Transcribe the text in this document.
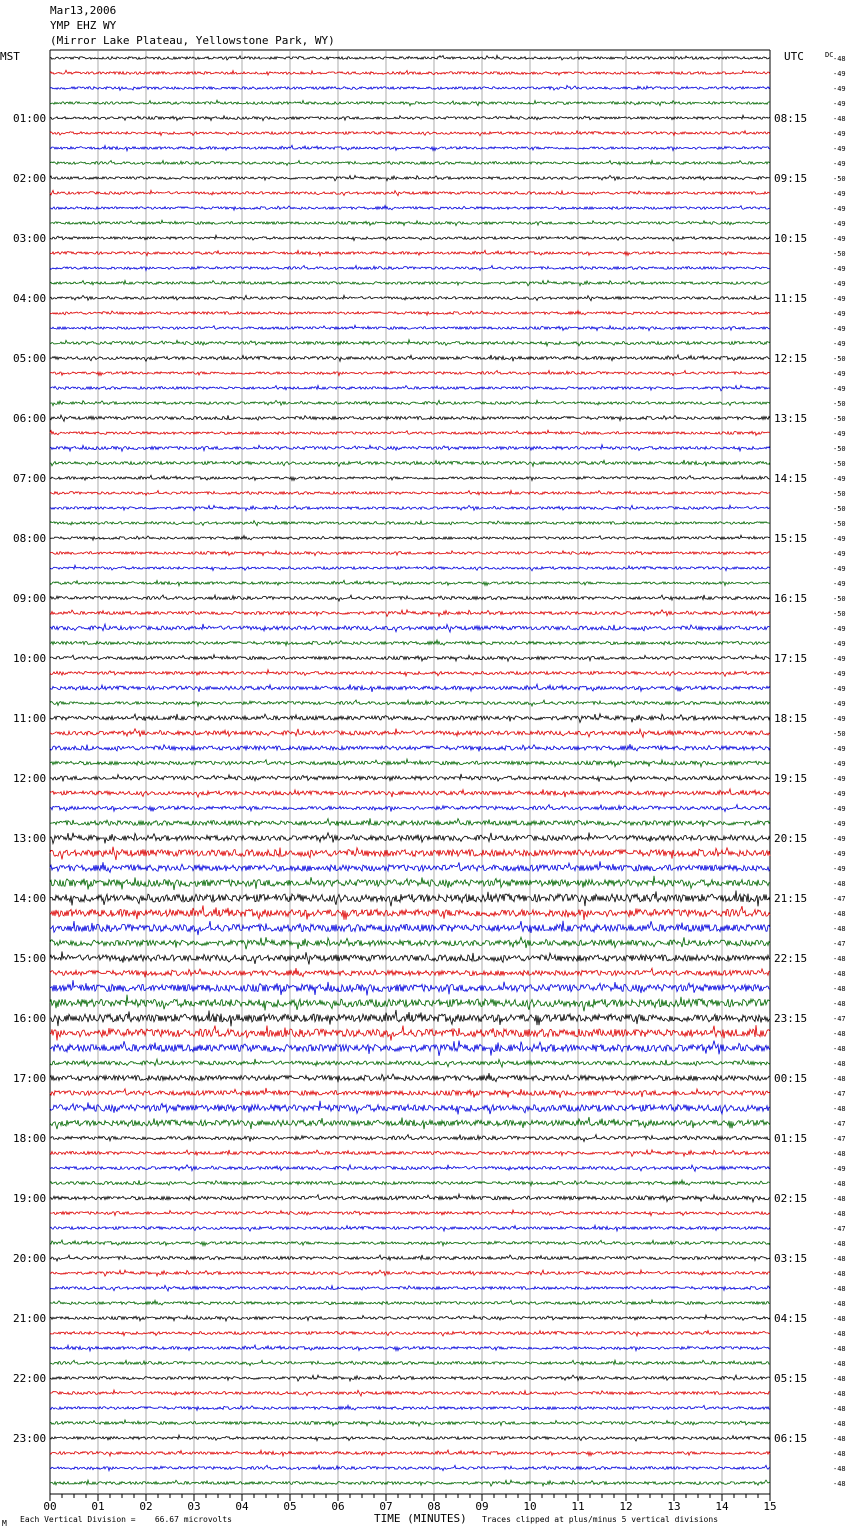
Mar13,2006
YMP EHZ WY
(Mirror Lake Plateau, Yellowstone Park, WY)
MST	UTC	DC -48
-49
-49
-49
-48
-49
-49
-49
-50
-49
-49
-49
-49
-50
-49
-49
-49
-49
-49
-49
-50
-49
-49
-50
-50
-49
-50
-50
-49
-50
-50
-50
-49
-49
-49
-49
-50
-50
-49
-49
-49
-49
-49
-49
-49
-50
-49
-49
-49
-49
-49
-49
-49
-49
-49
-48
-47
-48
-48
-47
-48
-48
-48
-48
-47
-48
-48
-48
-48
-47
-48
-47
-47
-48
-49
-48
-48
-48
-47
-48
-48
-48
-48
-48
-48
-48
-48
-48
-48
-48
-48
-48
-48
-48
-48
-48
01:00
02:00
03:00
04:00
05:00
06:00
07:00
08:00
09:00
10:00
11:00
12:00
13:00
14:00
15:00
16:00
17:00
18:00
19:00
20:00
21:00
22:00
23:00
08:15
09:15
10:15
11:15
12:15
13:15
14:15
15:15
16:15
17:15
18:15
19:15
20:15
21:15
22:15
23:15
00:15
01:15
02:15
03:15
04:15
05:15
06:15
00	01	02	03	04	05	06	07	08	09	10	11	12	13	14	15
M Each Vertical Division =    66.67 microvolts	TIME (MINUTES) Traces clipped at plus/minus 5 vertical divisions
